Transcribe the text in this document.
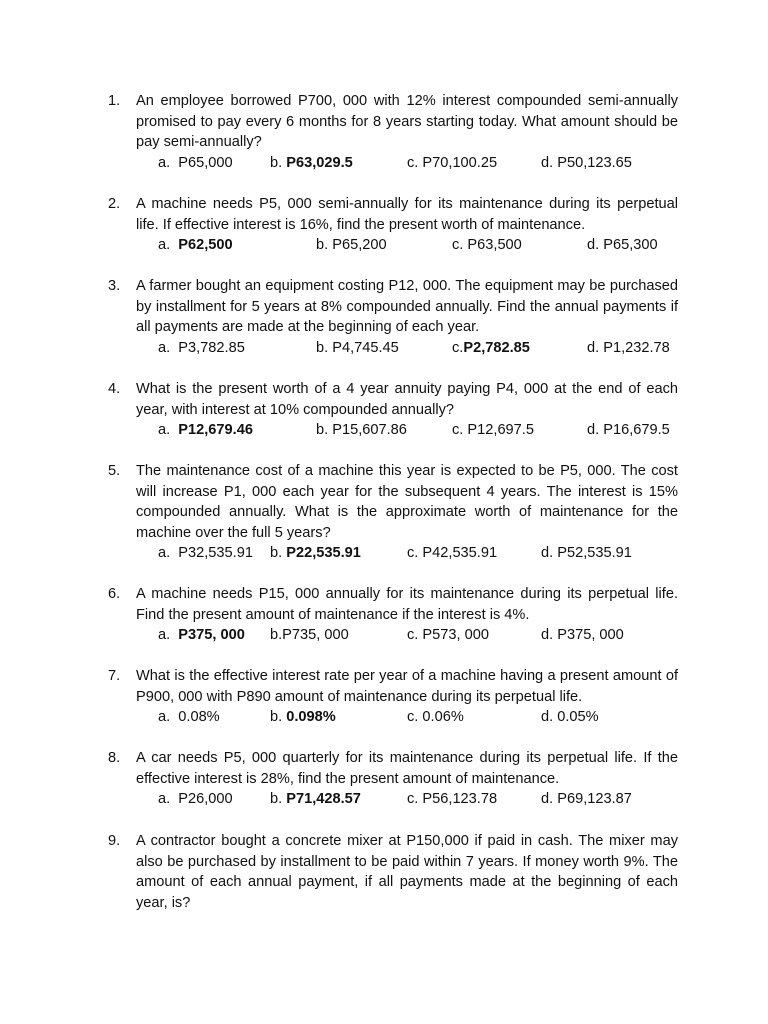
1.	An employee borrowed P700, 000 with 12% interest compounded semi-annually promised to pay every 6 months for 8 years starting today. What amount should be pay semi-annually?
a. P65,000	b. P63,029.5	c. P70,100.25	d. P50,123.65
2.	A machine needs P5, 000 semi-annually for its maintenance during its perpetual life. If effective interest is 16%, find the present worth of maintenance.
a. P62,500	b. P65,200	c. P63,500	d. P65,300
3.	A farmer bought an equipment costing P12, 000. The equipment may be purchased by installment for 5 years at 8% compounded annually. Find the annual payments if all payments are made at the beginning of each year.
a. P3,782.85	b. P4,745.45	c.P2,782.85	d. P1,232.78
4.	What is the present worth of a 4 year annuity paying P4, 000 at the end of each year, with interest at 10% compounded annually?
a. P12,679.46	b. P15,607.86	c. P12,697.5	d. P16,679.5
5.	The maintenance cost of a machine this year is expected to be P5, 000. The cost will increase P1, 000 each year for the subsequent 4 years. The interest is 15% compounded annually. What is the approximate worth of maintenance for the machine over the full 5 years?
a. P32,535.91 b. P22,535.91	c. P42,535.91	d. P52,535.91
6.	A machine needs P15, 000 annually for its maintenance during its perpetual life. Find the present amount of maintenance if the interest is 4%.
a. P375, 000 b.P735, 000	c. P573, 000	d. P375, 000
7.	What is the effective interest rate per year of a machine having a present amount of P900, 000 with P890 amount of maintenance during its perpetual life.
a. 0.08%	b. 0.098%	c. 0.06%	d. 0.05%
8.	A car needs P5, 000 quarterly for its maintenance during its perpetual life. If the effective interest is 28%, find the present amount of maintenance.
a. P26,000	b. P71,428.57	c. P56,123.78	d. P69,123.87
9.	A contractor bought a concrete mixer at P150,000 if paid in cash. The mixer may also be purchased by installment to be paid within 7 years. If money worth 9%. The amount of each annual payment, if all payments made at the beginning of each year, is?
